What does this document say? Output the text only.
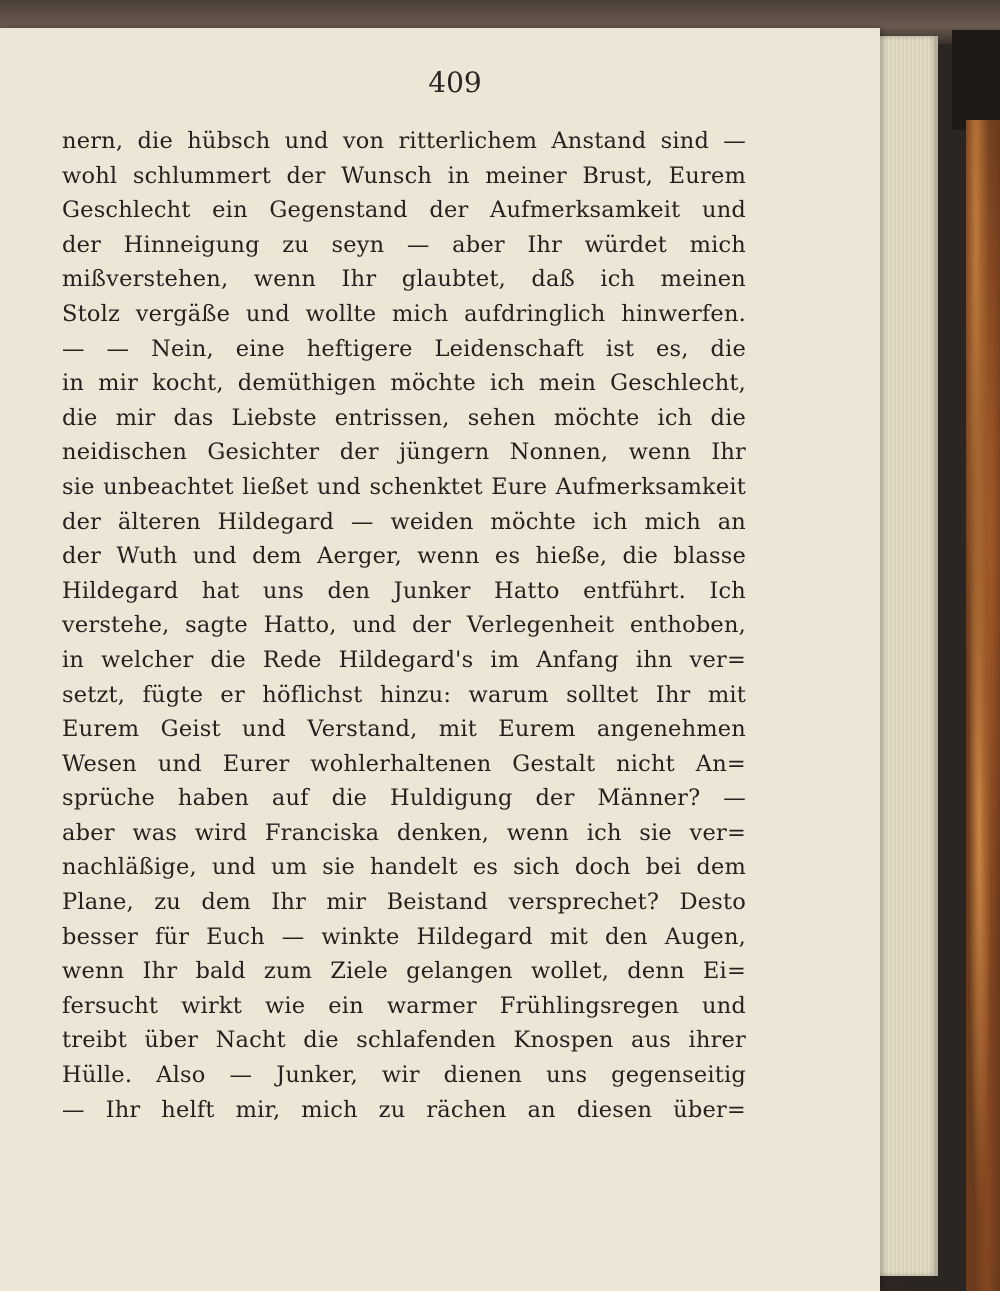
409
nern, die hübsch und von ritterlichem Anstand sind —
wohl schlummert der Wunsch in meiner Brust, Eurem
Geschlecht ein Gegenstand der Aufmerksamkeit und
der Hinneigung zu seyn — aber Ihr würdet mich
mißverstehen, wenn Ihr glaubtet, daß ich meinen
Stolz vergäße und wollte mich aufdringlich hinwerfen.
— — Nein, eine heftigere Leidenschaft ist es, die
in mir kocht, demüthigen möchte ich mein Geschlecht,
die mir das Liebste entrissen, sehen möchte ich die
neidischen Gesichter der jüngern Nonnen, wenn Ihr
sie unbeachtet ließet und schenktet Eure Aufmerksamkeit
der älteren Hildegard — weiden möchte ich mich an
der Wuth und dem Aerger, wenn es hieße, die blasse
Hildegard hat uns den Junker Hatto entführt. Ich
verstehe, sagte Hatto, und der Verlegenheit enthoben,
in welcher die Rede Hildegard's im Anfang ihn ver=
setzt, fügte er höflichst hinzu: warum solltet Ihr mit
Eurem Geist und Verstand, mit Eurem angenehmen
Wesen und Eurer wohlerhaltenen Gestalt nicht An=
sprüche haben auf die Huldigung der Männer? —
aber was wird Franciska denken, wenn ich sie ver=
nachläßige, und um sie handelt es sich doch bei dem
Plane, zu dem Ihr mir Beistand versprechet? Desto
besser für Euch — winkte Hildegard mit den Augen,
wenn Ihr bald zum Ziele gelangen wollet, denn Ei=
fersucht wirkt wie ein warmer Frühlingsregen und
treibt über Nacht die schlafenden Knospen aus ihrer
Hülle. Also — Junker, wir dienen uns gegenseitig
— Ihr helft mir, mich zu rächen an diesen über=
